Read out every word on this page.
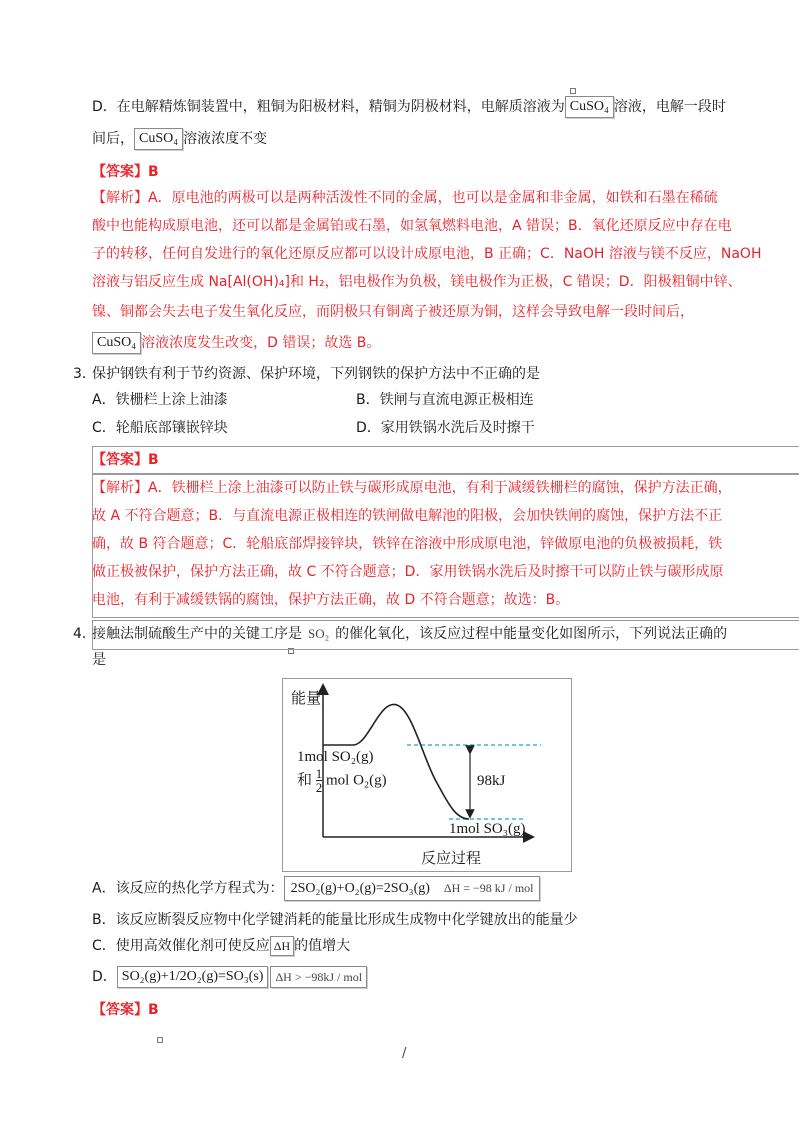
D．在电解精炼铜装置中，粗铜为阳极材料，精铜为阴极材料，电解质溶液为 CuSO₄ 溶液，电解一段时
间后， CuSO₄ 溶液浓度不变
【答案】B
【解析】A．原电池的两极可以是两种活泼性不同的金属，也可以是金属和非金属，如铁和石墨在稀硫
酸中也能构成原电池，还可以都是金属铂或石墨，如氢氧燃料电池，A 错误；B．氧化还原反应中存在电
子的转移，任何自发进行的氧化还原反应都可以设计成原电池，B 正确；C．NaOH 溶液与镁不反应，NaOH
溶液与铝反应生成 Na[Al(OH)₄]和 H₂，铝电极作为负极，镁电极作为正极，C 错误；D．阳极粗铜中锌、
镍、铜都会失去电子发生氧化反应，而阴极只有铜离子被还原为铜，这样会导致电解一段时间后，
CuSO₄ 溶液浓度发生改变，D 错误；故选 B。
3．
保护钢铁有利于节约资源、保护环境，下列钢铁的保护方法中不正确的是
A．铁栅栏上涂上油漆	B．铁闸与直流电源正极相连
C．轮船底部镶嵌锌块	D．家用铁锅水洗后及时擦干
【答案】B
【解析】A．铁栅栏上涂上油漆可以防止铁与碳形成原电池，有利于减缓铁栅栏的腐蚀，保护方法正确，
故 A 不符合题意；B．与直流电源正极相连的铁闸做电解池的阳极，会加快铁闸的腐蚀，保护方法不正
确，故 B 符合题意；C．轮船底部焊接锌块，铁锌在溶液中形成原电池，锌做原电池的负极被损耗，铁
做正极被保护，保护方法正确，故 C 不符合题意；D．家用铁锅水洗后及时擦干可以防止铁与碳形成原
电池，有利于减缓铁锅的腐蚀，保护方法正确，故 D 不符合题意；故选：B。
4．
接触法制硫酸生产中的关键工序是 SO₂ 的催化氧化，该反应过程中能量变化如图所示，下列说法正确的
是
能量
反应过程
1mol SO₂(g)
和 $\frac{1}{2}$ mol O₂(g)	98kJ
1mol SO₃(g)
A．该反应的热化学方程式为： 2SO₂(g)+O₂(g)=2SO₃(g) ΔH = −98 kJ / mol
B．该反应断裂反应物中化学键消耗的能量比形成生成物中化学键放出的能量少
C．使用高效催化剂可使反应 ΔH 的值增大
D． SO₂(g)+1/2O₂(g)=SO₃(s) ΔH > −98kJ / mol
【答案】B
/
